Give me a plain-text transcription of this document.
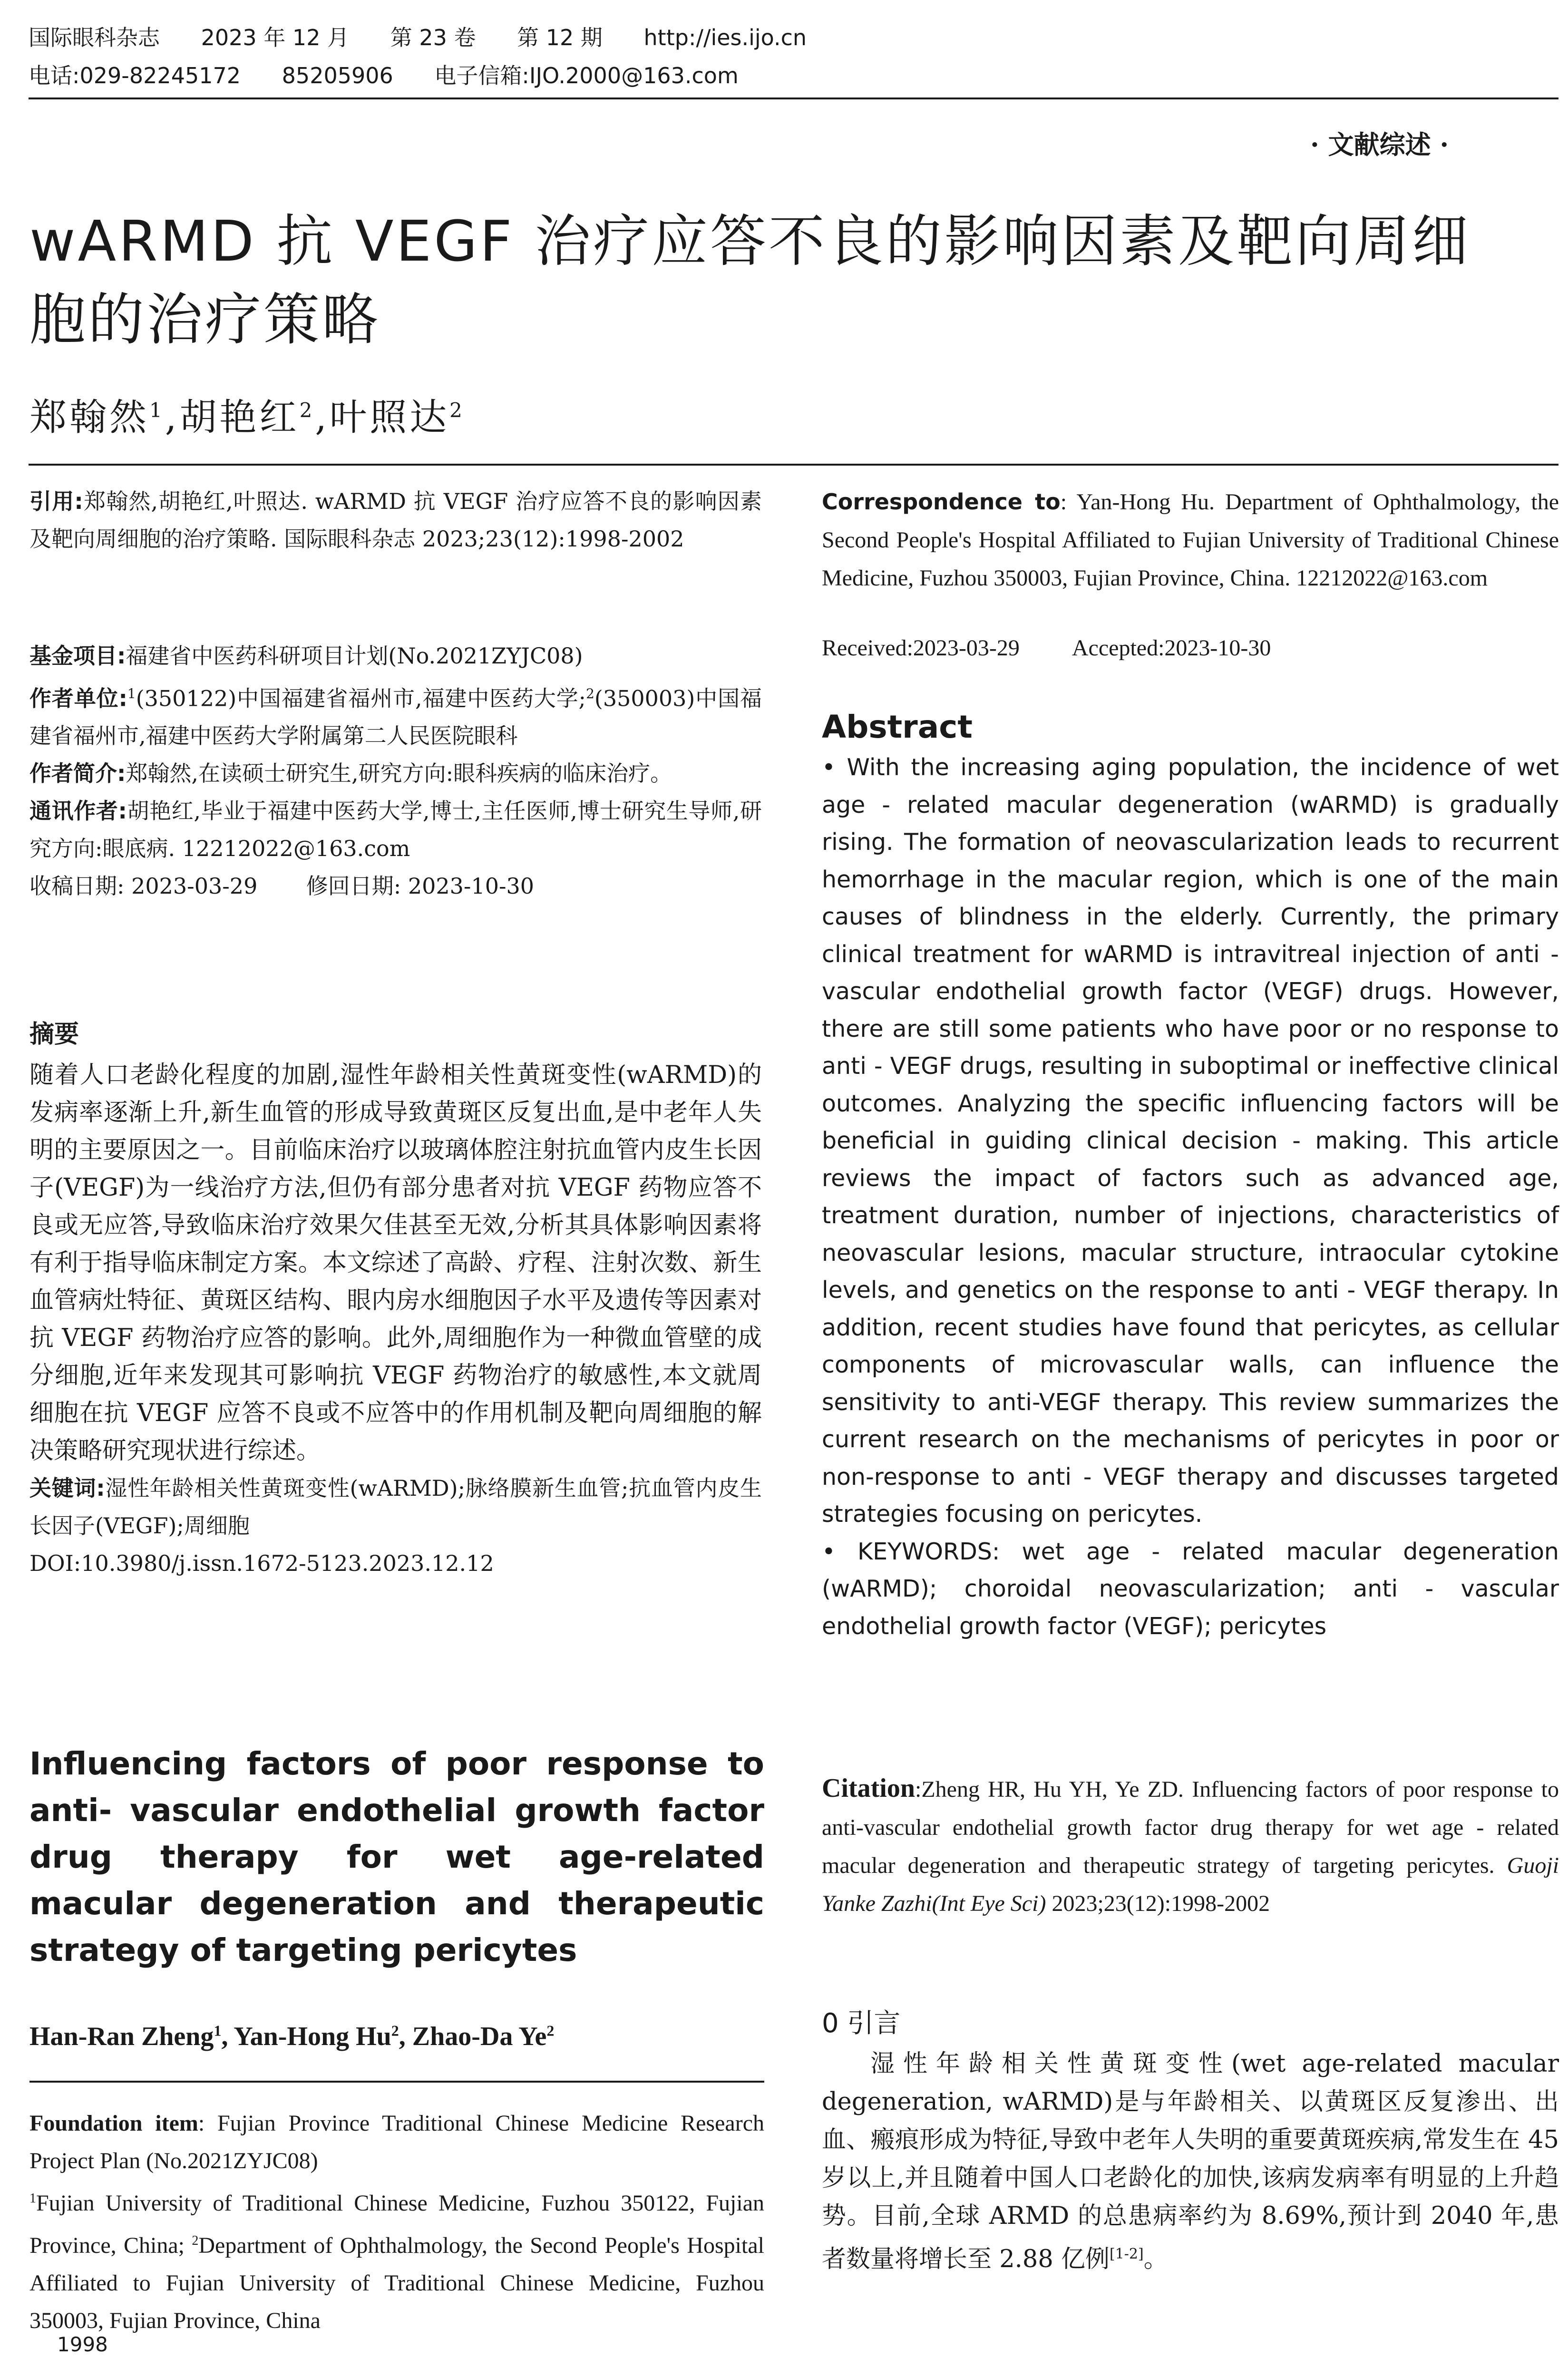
国际眼科杂志 2023 年 12 月 第 23 卷 第 12 期 http://ies.ijo.cn
电话:029-82245172 85205906 电子信箱:IJO.2000@163.com
· 文献综述 ·
wARMD 抗 VEGF 治疗应答不良的影响因素及靶向周细胞的治疗策略
郑翰然$^1$,胡艳红$^2$,叶照达$^2$

引用:郑翰然,胡艳红,叶照达. wARMD 抗 VEGF 治疗应答不良的影响因素及靶向周细胞的治疗策略. 国际眼科杂志 2023;23(12):1998-2002

基金项目:福建省中医药科研项目计划(No.2021ZYJC08)

作者单位:$^1$(350122)中国福建省福州市,福建中医药大学;$^2$(350003)中国福建省福州市,福建中医药大学附属第二人民医院眼科

作者简介:郑翰然,在读硕士研究生,研究方向:眼科疾病的临床治疗。

通讯作者:胡艳红,毕业于福建中医药大学,博士,主任医师,博士研究生导师,研究方向:眼底病. 12212022@163.com

收稿日期: 2023-03-29 修回日期: 2023-10-30

摘要

随着人口老龄化程度的加剧,湿性年龄相关性黄斑变性(wARMD)的发病率逐渐上升,新生血管的形成导致黄斑区反复出血,是中老年人失明的主要原因之一。目前临床治疗以玻璃体腔注射抗血管内皮生长因子(VEGF)为一线治疗方法,但仍有部分患者对抗 VEGF 药物应答不良或无应答,导致临床治疗效果欠佳甚至无效,分析其具体影响因素将有利于指导临床制定方案。本文综述了高龄、疗程、注射次数、新生血管病灶特征、黄斑区结构、眼内房水细胞因子水平及遗传等因素对抗 VEGF 药物治疗应答的影响。此外,周细胞作为一种微血管壁的成分细胞,近年来发现其可影响抗 VEGF 药物治疗的敏感性,本文就周细胞在抗 VEGF 应答不良或不应答中的作用机制及靶向周细胞的解决策略研究现状进行综述。

关键词:湿性年龄相关性黄斑变性(wARMD);脉络膜新生血管;抗血管内皮生长因子(VEGF);周细胞

DOI:10.3980/j.issn.1672-5123.2023.12.12

Influencing factors of poor response to anti- vascular endothelial growth factor drug therapy for wet age-related macular degeneration and therapeutic strategy of targeting pericytes
Han-Ran Zheng$^1$, Yan-Hong Hu$^2$, Zhao-Da Ye$^2$
Foundation item: Fujian Province Traditional Chinese Medicine Research Project Plan (No.2021ZYJC08)
$^1$Fujian University of Traditional Chinese Medicine, Fuzhou 350122, Fujian Province, China; $^2$Department of Ophthalmology, the Second People's Hospital Affiliated to Fujian University of Traditional Chinese Medicine, Fuzhou 350003, Fujian Province, China
1998
Correspondence to: Yan-Hong Hu. Department of Ophthalmology, the Second People's Hospital Affiliated to Fujian University of Traditional Chinese Medicine, Fuzhou 350003, Fujian Province, China. 12212022@163.com
Received:2023-03-29 Accepted:2023-10-30

Abstract

• With the increasing aging population, the incidence of wet age - related macular degeneration (wARMD) is gradually rising. The formation of neovascularization leads to recurrent hemorrhage in the macular region, which is one of the main causes of blindness in the elderly. Currently, the primary clinical treatment for wARMD is intravitreal injection of anti - vascular endothelial growth factor (VEGF) drugs. However, there are still some patients who have poor or no response to anti - VEGF drugs, resulting in suboptimal or ineffective clinical outcomes. Analyzing the specific influencing factors will be beneficial in guiding clinical decision - making. This article reviews the impact of factors such as advanced age, treatment duration, number of injections, characteristics of neovascular lesions, macular structure, intraocular cytokine levels, and genetics on the response to anti - VEGF therapy. In addition, recent studies have found that pericytes, as cellular components of microvascular walls, can influence the sensitivity to anti-VEGF therapy. This review summarizes the current research on the mechanisms of pericytes in poor or non-response to anti - VEGF therapy and discusses targeted strategies focusing on pericytes.

• KEYWORDS: wet age - related macular degeneration (wARMD); choroidal neovascularization; anti - vascular endothelial growth factor (VEGF); pericytes

Citation:Zheng HR, Hu YH, Ye ZD. Influencing factors of poor response to anti-vascular endothelial growth factor drug therapy for wet age - related macular degeneration and therapeutic strategy of targeting pericytes. Guoji Yanke Zazhi(Int Eye Sci) 2023;23(12):1998-2002

0 引言

湿性年龄相关性黄斑变性(wet age-related macular degeneration, wARMD)是与年龄相关、以黄斑区反复渗出、出血、瘢痕形成为特征,导致中老年人失明的重要黄斑疾病,常发生在 45 岁以上,并且随着中国人口老龄化的加快,该病发病率有明显的上升趋势。目前,全球 ARMD 的总患病率约为 8.69%,预计到 2040 年,患者数量将增长至 2.88 亿例[1-2]。
